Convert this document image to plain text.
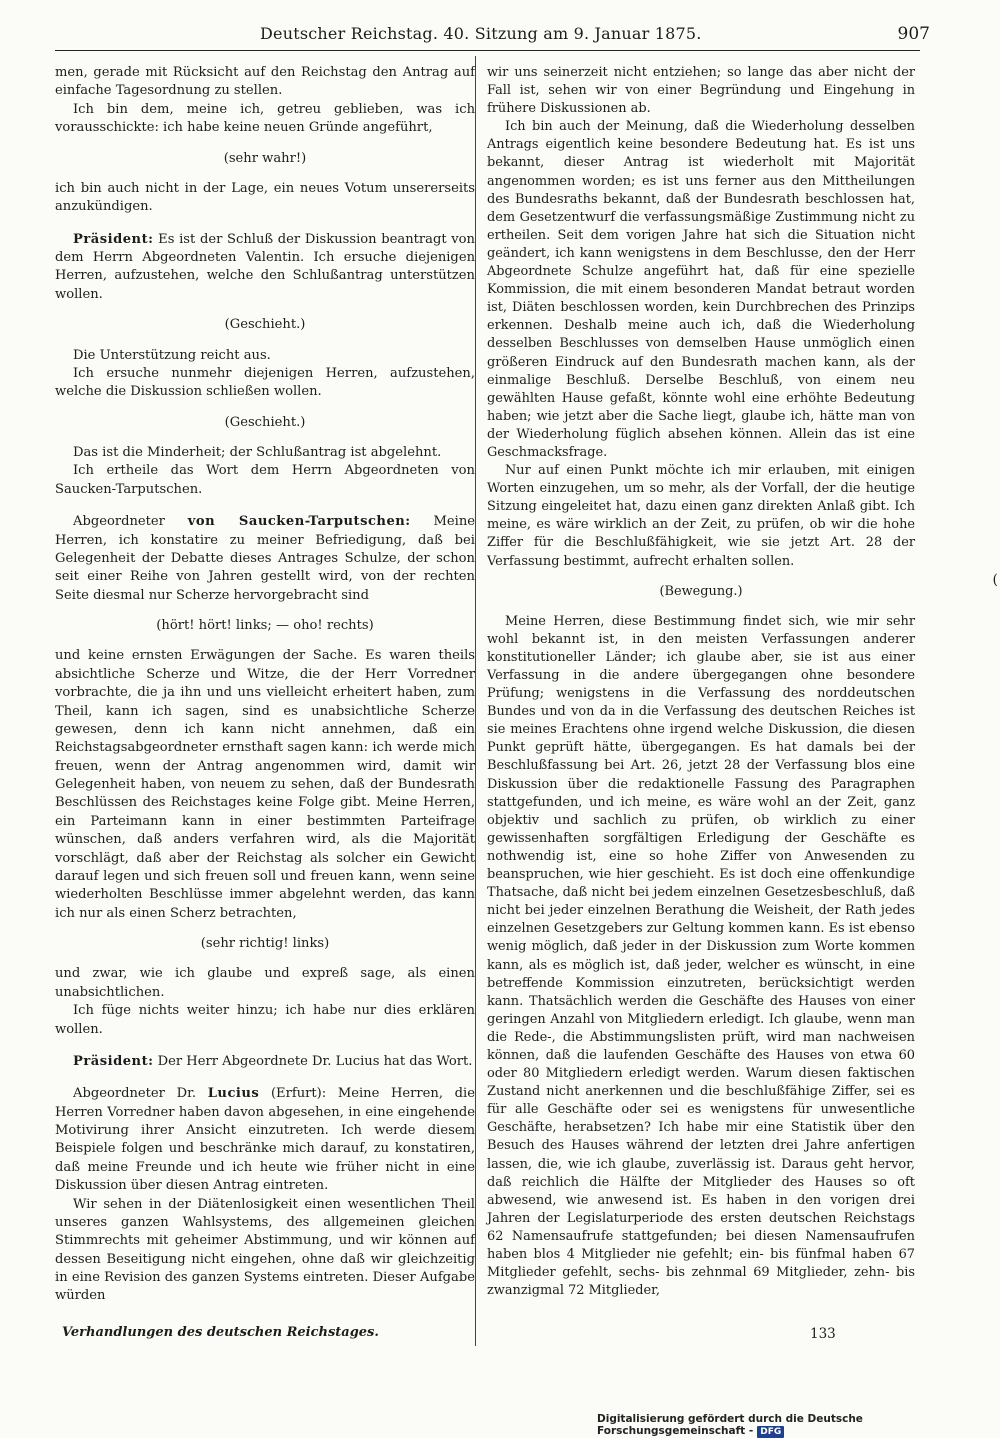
Deutscher Reichstag. 40. Sitzung am 9. Januar 1875.	907

men, gerade mit Rücksicht auf den Reichstag den Antrag auf einfache Tagesordnung zu stellen.

Ich bin dem, meine ich, getreu geblieben, was ich vorausschickte: ich habe keine neuen Gründe angeführt,

(sehr wahr!)

ich bin auch nicht in der Lage, ein neues Votum unsererseits anzukündigen.

Präsident: Es ist der Schluß der Diskussion beantragt von dem Herrn Abgeordneten Valentin. Ich ersuche diejenigen Herren, aufzustehen, welche den Schlußantrag unterstützen wollen.

(Geschieht.)

Die Unterstützung reicht aus.

Ich ersuche nunmehr diejenigen Herren, aufzustehen, welche die Diskussion schließen wollen.

(Geschieht.)

Das ist die Minderheit; der Schlußantrag ist abgelehnt.

Ich ertheile das Wort dem Herrn Abgeordneten von Saucken-Tarputschen.

Abgeordneter von Saucken-Tarputschen: Meine Herren, ich konstatire zu meiner Befriedigung, daß bei Gelegenheit der Debatte dieses Antrages Schulze, der schon seit einer Reihe von Jahren gestellt wird, von der rechten Seite diesmal nur Scherze hervorgebracht sind

(hört! hört! links; — oho! rechts)

und keine ernsten Erwägungen der Sache. Es waren theils absichtliche Scherze und Witze, die der Herr Vorredner vorbrachte, die ja ihn und uns vielleicht erheitert haben, zum Theil, kann ich sagen, sind es unabsichtliche Scherze gewesen, denn ich kann nicht annehmen, daß ein Reichstagsabgeordneter ernsthaft sagen kann: ich werde mich freuen, wenn der Antrag angenommen wird, damit wir Gelegenheit haben, von neuem zu sehen, daß der Bundesrath Beschlüssen des Reichstages keine Folge gibt. Meine Herren, ein Parteimann kann in einer bestimmten Parteifrage wünschen, daß anders verfahren wird, als die Majorität vorschlägt, daß aber der Reichstag als solcher ein Gewicht darauf legen und sich freuen soll und freuen kann, wenn seine wiederholten Beschlüsse immer abgelehnt werden, das kann ich nur als einen Scherz betrachten,

(sehr richtig! links)

und zwar, wie ich glaube und expreß sage, als einen unabsichtlichen.

Ich füge nichts weiter hinzu; ich habe nur dies erklären wollen.

Präsident: Der Herr Abgeordnete Dr. Lucius hat das Wort.

Abgeordneter Dr. Lucius (Erfurt): Meine Herren, die Herren Vorredner haben davon abgesehen, in eine eingehende Motivirung ihrer Ansicht einzutreten. Ich werde diesem Beispiele folgen und beschränke mich darauf, zu konstatiren, daß meine Freunde und ich heute wie früher nicht in eine Diskussion über diesen Antrag eintreten.

Wir sehen in der Diätenlosigkeit einen wesentlichen Theil unseres ganzen Wahlsystems, des allgemeinen gleichen Stimmrechts mit geheimer Abstimmung, und wir können auf dessen Beseitigung nicht eingehen, ohne daß wir gleichzeitig in eine Revision des ganzen Systems eintreten. Dieser Aufgabe würden

wir uns seinerzeit nicht entziehen; so lange das aber nicht der Fall ist, sehen wir von einer Begründung und Eingehung in frühere Diskussionen ab.

Ich bin auch der Meinung, daß die Wiederholung desselben Antrags eigentlich keine besondere Bedeutung hat. Es ist uns bekannt, dieser Antrag ist wiederholt mit Majorität angenommen worden; es ist uns ferner aus den Mittheilungen des Bundesraths bekannt, daß der Bundesrath beschlossen hat, dem Gesetzentwurf die verfassungsmäßige Zustimmung nicht zu ertheilen. Seit dem vorigen Jahre hat sich die Situation nicht geändert, ich kann wenigstens in dem Beschlusse, den der Herr Abgeordnete Schulze angeführt hat, daß für eine spezielle Kommission, die mit einem besonderen Mandat betraut worden ist, Diäten beschlossen worden, kein Durchbrechen des Prinzips erkennen. Deshalb meine auch ich, daß die Wiederholung desselben Beschlusses von demselben Hause unmöglich einen größeren Eindruck auf den Bundesrath machen kann, als der einmalige Beschluß. Derselbe Beschluß, von einem neu gewählten Hause gefaßt, könnte wohl eine erhöhte Bedeutung haben; wie jetzt aber die Sache liegt, glaube ich, hätte man von der Wiederholung füglich absehen können. Allein das ist eine Geschmacksfrage.

Nur auf einen Punkt möchte ich mir erlauben, mit einigen Worten einzugehen, um so mehr, als der Vorfall, der die heutige Sitzung eingeleitet hat, dazu einen ganz direkten Anlaß gibt. Ich meine, es wäre wirklich an der Zeit, zu prüfen, ob wir die hohe Ziffer für die Beschlußfähigkeit, wie sie jetzt Art. 28 der Verfassung bestimmt, aufrecht erhalten sollen.

(Bewegung.)

Meine Herren, diese Bestimmung findet sich, wie mir sehr wohl bekannt ist, in den meisten Verfassungen anderer konstitutioneller Länder; ich glaube aber, sie ist aus einer Verfassung in die andere übergegangen ohne besondere Prüfung; wenigstens in die Verfassung des norddeutschen Bundes und von da in die Verfassung des deutschen Reiches ist sie meines Erachtens ohne irgend welche Diskussion, die diesen Punkt geprüft hätte, übergegangen. Es hat damals bei der Beschlußfassung bei Art. 26, jetzt 28 der Verfassung blos eine Diskussion über die redaktionelle Fassung des Paragraphen stattgefunden, und ich meine, es wäre wohl an der Zeit, ganz objektiv und sachlich zu prüfen, ob wirklich zu einer gewissenhaften sorgfältigen Erledigung der Geschäfte es nothwendig ist, eine so hohe Ziffer von Anwesenden zu beanspruchen, wie hier geschieht. Es ist doch eine offenkundige Thatsache, daß nicht bei jedem einzelnen Gesetzesbeschluß, daß nicht bei jeder einzelnen Berathung die Weisheit, der Rath jedes einzelnen Gesetzgebers zur Geltung kommen kann. Es ist ebenso wenig möglich, daß jeder in der Diskussion zum Worte kommen kann, als es möglich ist, daß jeder, welcher es wünscht, in eine betreffende Kommission einzutreten, berücksichtigt werden kann. Thatsächlich werden die Geschäfte des Hauses von einer geringen Anzahl von Mitgliedern erledigt. Ich glaube, wenn man die Rede-, die Abstimmungslisten prüft, wird man nachweisen können, daß die laufenden Geschäfte des Hauses von etwa 60 oder 80 Mitgliedern erledigt werden. Warum diesen faktischen Zustand nicht anerkennen und die beschlußfähige Ziffer, sei es für alle Geschäfte oder sei es wenigstens für unwesentliche Geschäfte, herabsetzen? Ich habe mir eine Statistik über den Besuch des Hauses während der letzten drei Jahre anfertigen lassen, die, wie ich glaube, zuverlässig ist. Daraus geht hervor, daß reichlich die Hälfte der Mitglieder des Hauses so oft abwesend, wie anwesend ist. Es haben in den vorigen drei Jahren der Legislaturperiode des ersten deutschen Reichstags 62 Namensaufrufe stattgefunden; bei diesen Namensaufrufen haben blos 4 Mitglieder nie gefehlt; ein- bis fünfmal haben 67 Mitglieder gefehlt, sechs- bis zehnmal 69 Mitglieder, zehn- bis zwanzigmal 72 Mitglieder,

Verhandlungen des deutschen Reichstages.	133
(
Digitalisierung gefördert durch die Deutsche Forschungsgemeinschaft - DFG
